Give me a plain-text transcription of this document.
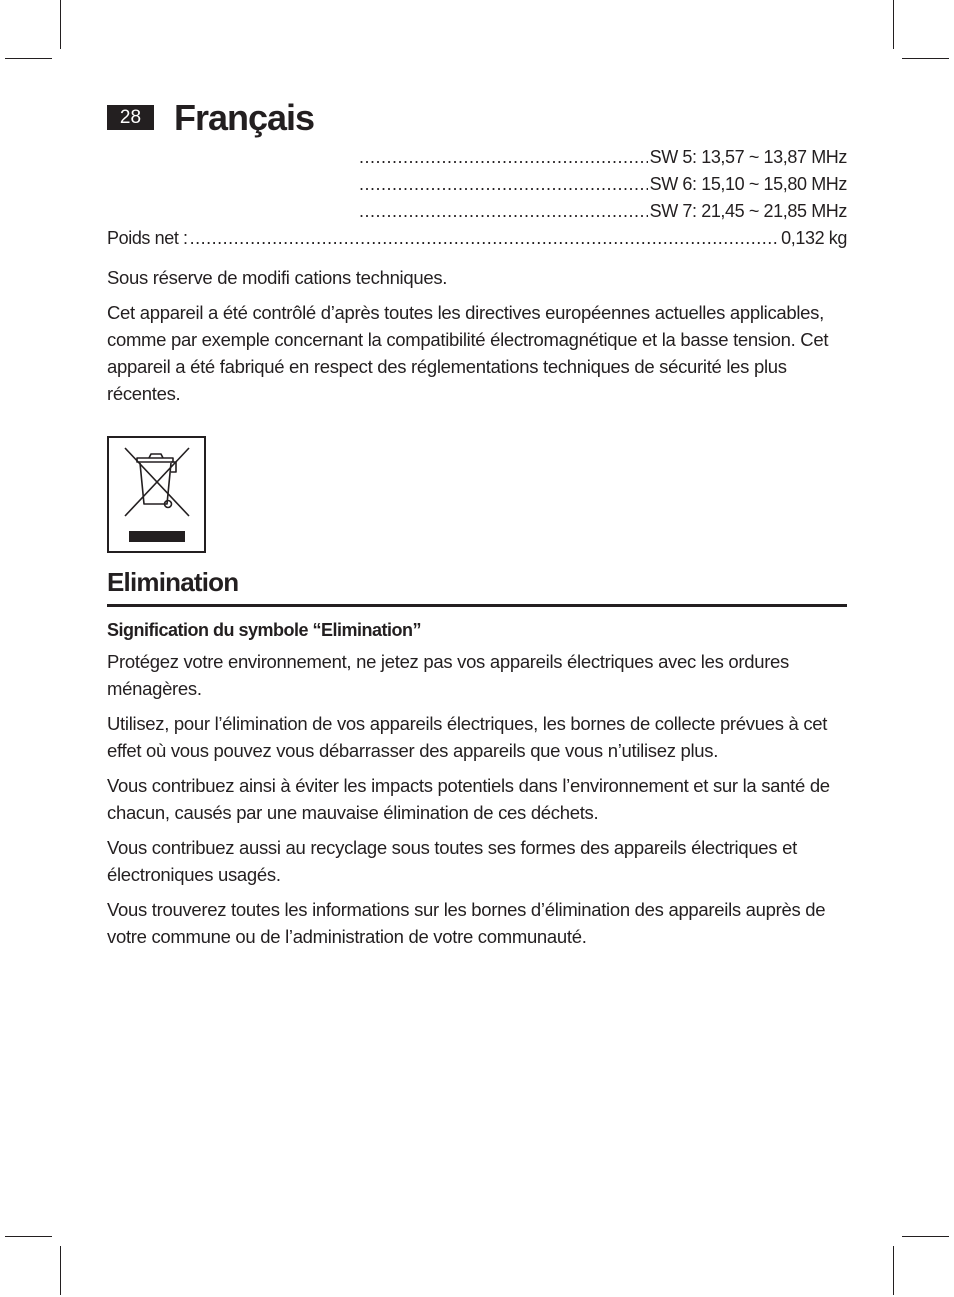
28 Français
.....
SW 5: 13,57 ~ 13,87 MHz
.....
SW 6: 15,10 ~ 15,80 MHz
.....
SW 7: 21,45 ~ 21,85 MHz
Poids net :
.....	0,132 kg

Sous réserve de modifi cations techniques.

Cet appareil a été contrôlé d’après toutes les directives européennes actuelles applicables, comme par exemple concernant la compatibilité électromagnétique et la basse tension. Cet appareil a été fabriqué en respect des réglementations techniques de sécurité les plus récentes.

Elimination
Signification du symbole “Elimination”

Protégez votre environnement, ne jetez pas vos appareils électriques avec les ordures ménagères.

Utilisez, pour l’élimination de vos appareils électriques, les bornes de collecte prévues à cet effet où vous pouvez vous débarrasser des appareils que vous n’utilisez plus.

Vous contribuez ainsi à éviter les impacts potentiels dans l’environnement et sur la santé de chacun, causés par une mauvaise élimination de ces déchets.

Vous contribuez aussi au recyclage sous toutes ses formes des appareils électriques et électroniques usagés.

Vous trouverez toutes les informations sur les bornes d’élimination des appareils auprès de votre commune ou de l’administration de votre communauté.
